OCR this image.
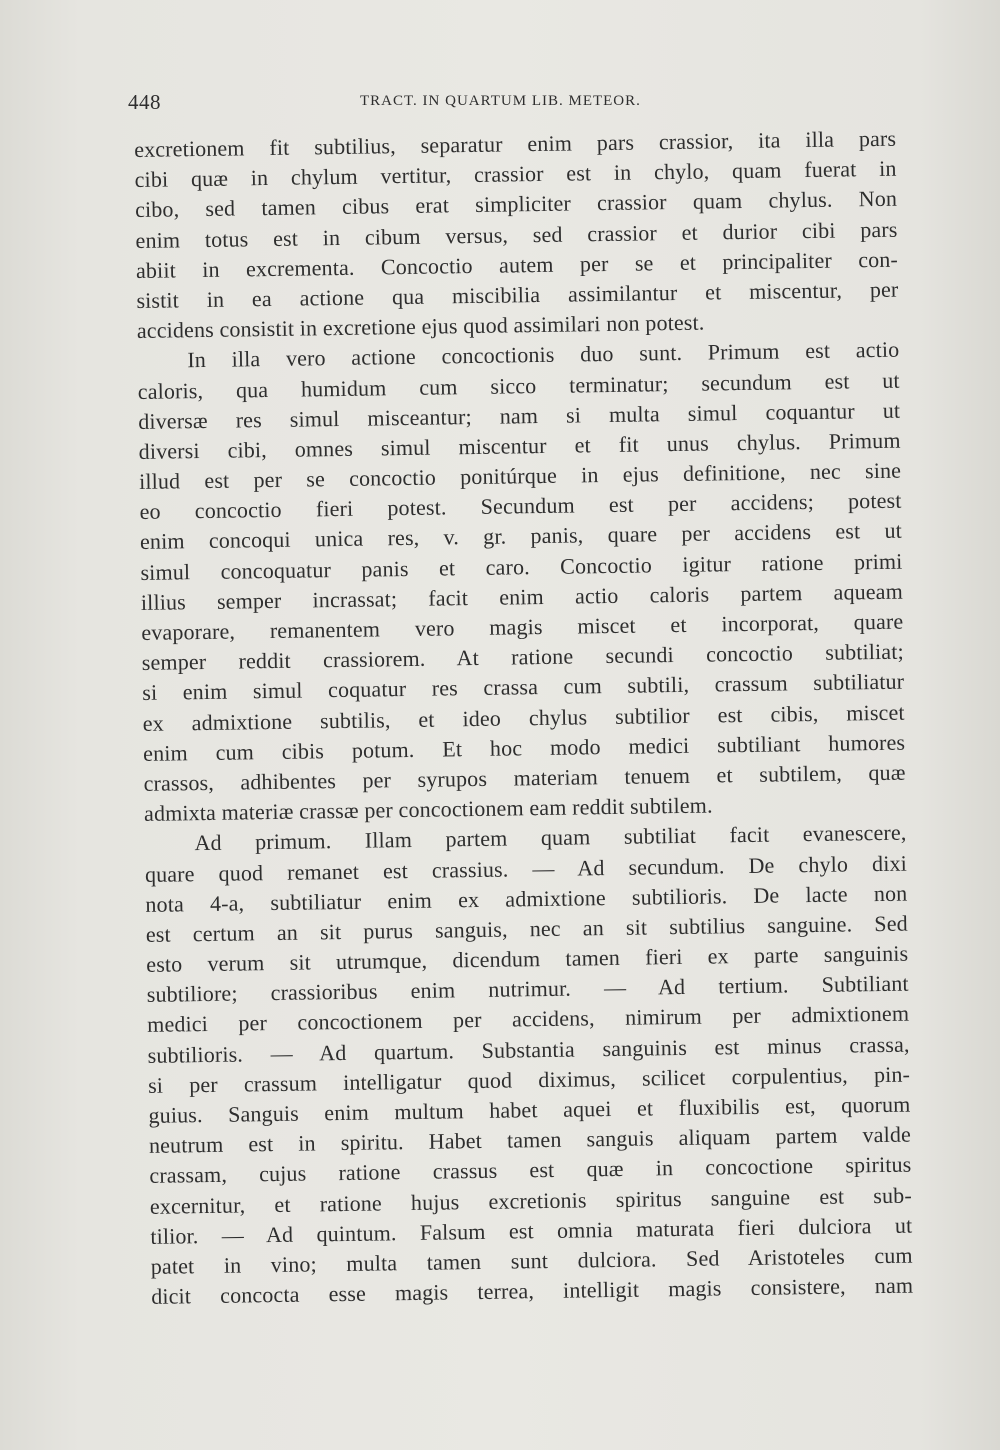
448	TRACT. IN QUARTUM LIB. METEOR.
excretionem fit subtilius, separatur enim pars crassior, ita illa pars
cibi quæ in chylum vertitur, crassior est in chylo, quam fuerat in
cibo, sed tamen cibus erat simpliciter crassior quam chylus. Non
enim totus est in cibum versus, sed crassior et durior cibi pars
abiit in excrementa. Concoctio autem per se et principaliter con-
sistit in ea actione qua miscibilia assimilantur et miscentur, per
accidens consistit in excretione ejus quod assimilari non potest.
In illa vero actione concoctionis duo sunt. Primum est actio
caloris, qua humidum cum sicco terminatur; secundum est ut
diversæ res simul misceantur; nam si multa simul coquantur ut
diversi cibi, omnes simul miscentur et fit unus chylus. Primum
illud est per se concoctio ponitúrque in ejus definitione, nec sine
eo concoctio fieri potest. Secundum est per accidens; potest
enim concoqui unica res, v. gr. panis, quare per accidens est ut
simul concoquatur panis et caro. Concoctio igitur ratione primi
illius semper incrassat; facit enim actio caloris partem aqueam
evaporare, remanentem vero magis miscet et incorporat, quare
semper reddit crassiorem. At ratione secundi concoctio subtiliat;
si enim simul coquatur res crassa cum subtili, crassum subtiliatur
ex admixtione subtilis, et ideo chylus subtilior est cibis, miscet
enim cum cibis potum. Et hoc modo medici subtiliant humores
crassos, adhibentes per syrupos materiam tenuem et subtilem, quæ
admixta materiæ crassæ per concoctionem eam reddit subtilem.
Ad primum. Illam partem quam subtiliat facit evanescere,
quare quod remanet est crassius. — Ad secundum. De chylo dixi
nota 4-a, subtiliatur enim ex admixtione subtilioris. De lacte non
est certum an sit purus sanguis, nec an sit subtilius sanguine. Sed
esto verum sit utrumque, dicendum tamen fieri ex parte sanguinis
subtiliore; crassioribus enim nutrimur. — Ad tertium. Subtiliant
medici per concoctionem per accidens, nimirum per admixtionem
subtilioris. — Ad quartum. Substantia sanguinis est minus crassa,
si per crassum intelligatur quod diximus, scilicet corpulentius, pin-
guius. Sanguis enim multum habet aquei et fluxibilis est, quorum
neutrum est in spiritu. Habet tamen sanguis aliquam partem valde
crassam, cujus ratione crassus est quæ in concoctione spiritus
excernitur, et ratione hujus excretionis spiritus sanguine est sub-
tilior. — Ad quintum. Falsum est omnia maturata fieri dulciora ut
patet in vino; multa tamen sunt dulciora. Sed Aristoteles cum
dicit concocta esse magis terrea, intelligit magis consistere, nam
